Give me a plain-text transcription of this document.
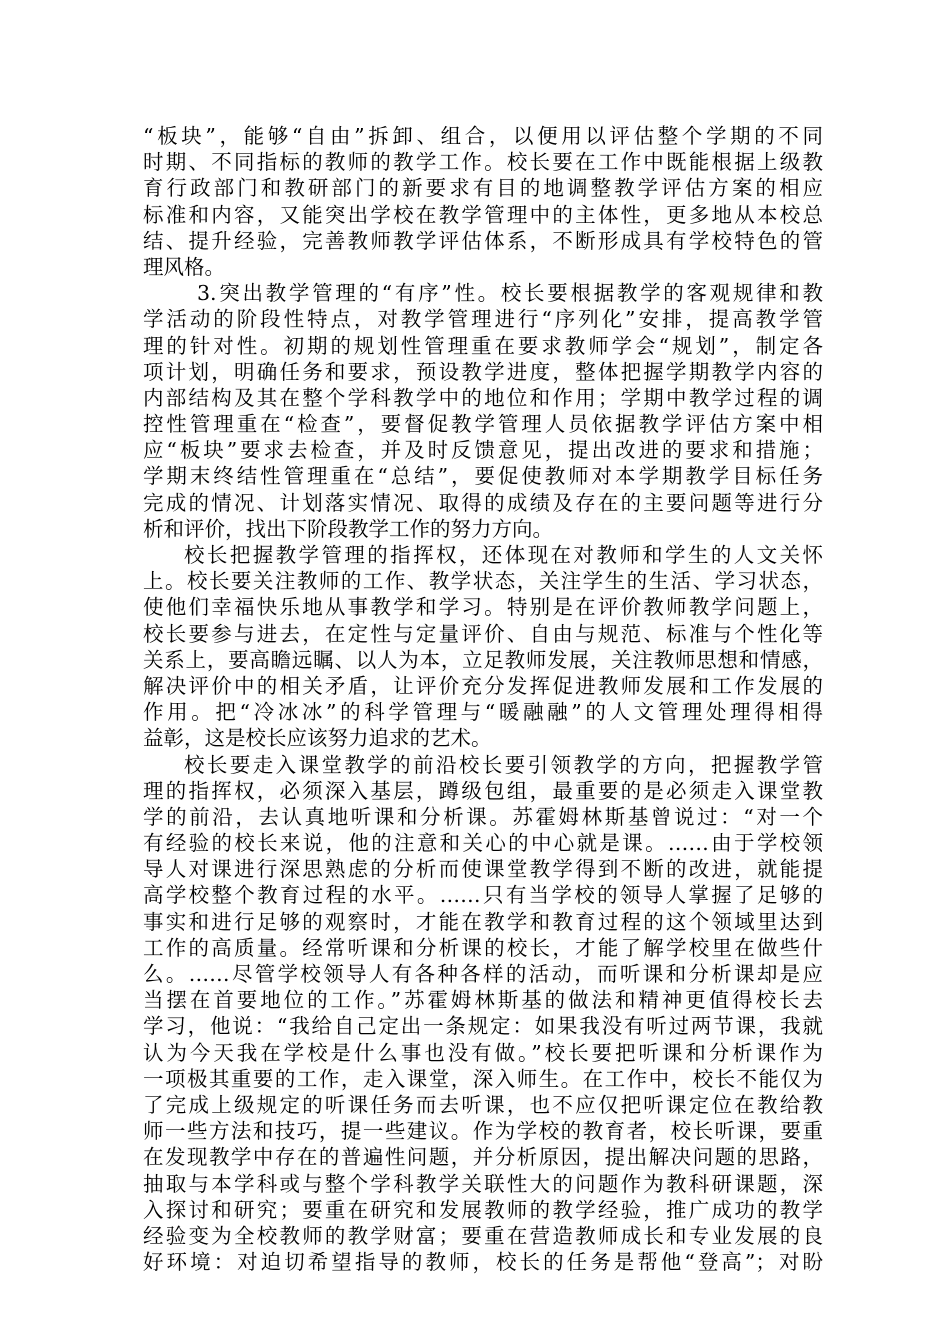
“板块”，能够“自由”拆卸、组合，以便用以评估整个学期的不同
时期、不同指标的教师的教学工作。校长要在工作中既能根据上级教
育行政部门和教研部门的新要求有目的地调整教学评估方案的相应
标准和内容，又能突出学校在教学管理中的主体性，更多地从本校总
结、提升经验，完善教师教学评估体系，不断形成具有学校特色的管
理风格。
3.突出教学管理的“有序”性。校长要根据教学的客观规律和教
学活动的阶段性特点，对教学管理进行“序列化”安排，提高教学管
理的针对性。初期的规划性管理重在要求教师学会“规划”，制定各
项计划，明确任务和要求，预设教学进度，整体把握学期教学内容的
内部结构及其在整个学科教学中的地位和作用；学期中教学过程的调
控性管理重在“检查”，要督促教学管理人员依据教学评估方案中相
应“板块”要求去检查，并及时反馈意见，提出改进的要求和措施；
学期末终结性管理重在“总结”，要促使教师对本学期教学目标任务
完成的情况、计划落实情况、取得的成绩及存在的主要问题等进行分
析和评价，找出下阶段教学工作的努力方向。
校长把握教学管理的指挥权，还体现在对教师和学生的人文关怀
上。校长要关注教师的工作、教学状态，关注学生的生活、学习状态，
使他们幸福快乐地从事教学和学习。特别是在评价教师教学问题上，
校长要参与进去，在定性与定量评价、自由与规范、标准与个性化等
关系上，要高瞻远瞩、以人为本，立足教师发展，关注教师思想和情感，
解决评价中的相关矛盾，让评价充分发挥促进教师发展和工作发展的
作用。把“冷冰冰”的科学管理与“暖融融”的人文管理处理得相得
益彰，这是校长应该努力追求的艺术。
校长要走入课堂教学的前沿校长要引领教学的方向，把握教学管
理的指挥权，必须深入基层，蹲级包组，最重要的是必须走入课堂教
学的前沿，去认真地听课和分析课。苏霍姆林斯基曾说过：“对一个
有经验的校长来说，他的注意和关心的中心就是课。……由于学校领
导人对课进行深思熟虑的分析而使课堂教学得到不断的改进，就能提
高学校整个教育过程的水平。……只有当学校的领导人掌握了足够的
事实和进行足够的观察时，才能在教学和教育过程的这个领域里达到
工作的高质量。经常听课和分析课的校长，才能了解学校里在做些什
么。……尽管学校领导人有各种各样的活动，而听课和分析课却是应
当摆在首要地位的工作。”苏霍姆林斯基的做法和精神更值得校长去
学习，他说：“我给自己定出一条规定：如果我没有听过两节课，我就
认为今天我在学校是什么事也没有做。”校长要把听课和分析课作为
一项极其重要的工作，走入课堂，深入师生。在工作中，校长不能仅为
了完成上级规定的听课任务而去听课，也不应仅把听课定位在教给教
师一些方法和技巧，提一些建议。作为学校的教育者，校长听课，要重
在发现教学中存在的普遍性问题，并分析原因，提出解决问题的思路，
抽取与本学科或与整个学科教学关联性大的问题作为教科研课题，深
入探讨和研究；要重在研究和发展教师的教学经验，推广成功的教学
经验变为全校教师的教学财富；要重在营造教师成长和专业发展的良
好环境：对迫切希望指导的教师，校长的任务是帮他“登高”；对盼
